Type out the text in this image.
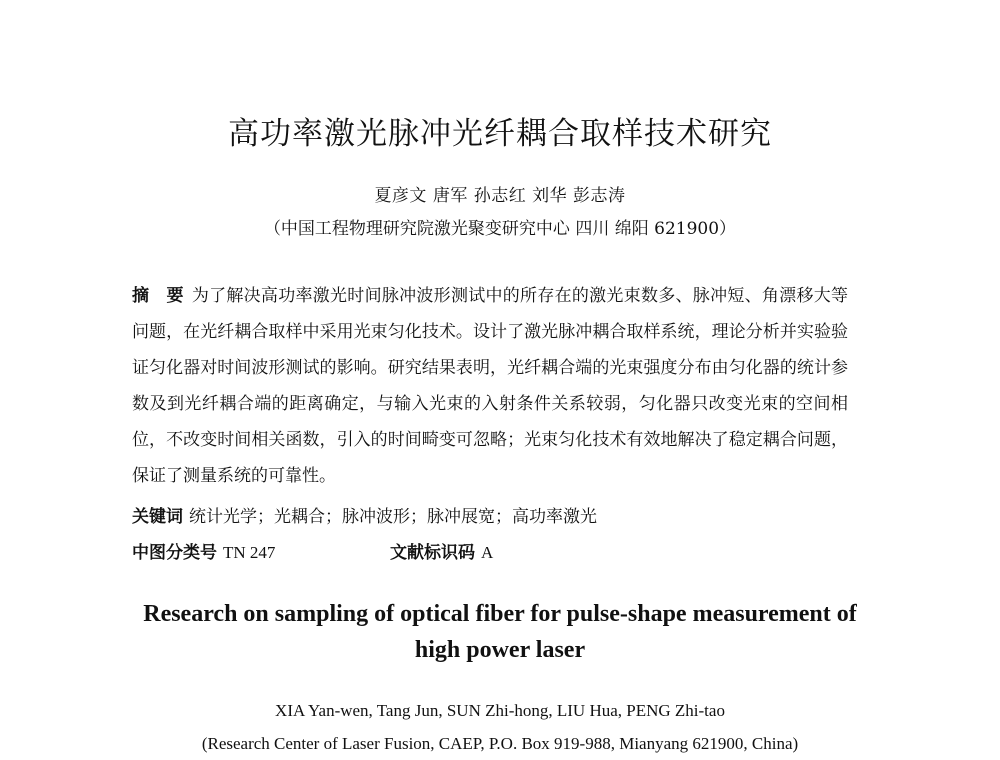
高功率激光脉冲光纤耦合取样技术研究
夏彦文 唐军 孙志红 刘华 彭志涛
（中国工程物理研究院激光聚变研究中心 四川 绵阳 621900）

摘　要 为了解决高功率激光时间脉冲波形测试中的所存在的激光束数多、脉冲短、角漂移大等问题，在光纤耦合取样中采用光束匀化技术。设计了激光脉冲耦合取样系统，理论分析并实验验证匀化器对时间波形测试的影响。研究结果表明，光纤耦合端的光束强度分布由匀化器的统计参数及到光纤耦合端的距离确定，与输入光束的入射条件关系较弱，匀化器只改变光束的空间相位，不改变时间相关函数，引入的时间畸变可忽略；光束匀化技术有效地解决了稳定耦合问题，保证了测量系统的可靠性。

关键词 统计光学；光耦合；脉冲波形；脉冲展宽；高功率激光
中图分类号 TN 247	文献标识码 A
Research on sampling of optical fiber for pulse-shape measurement of
high power laser
XIA Yan-wen, Tang Jun, SUN Zhi-hong, LIU Hua, PENG Zhi-tao
(Research Center of Laser Fusion, CAEP, P.O. Box 919-988, Mianyang 621900, China)
